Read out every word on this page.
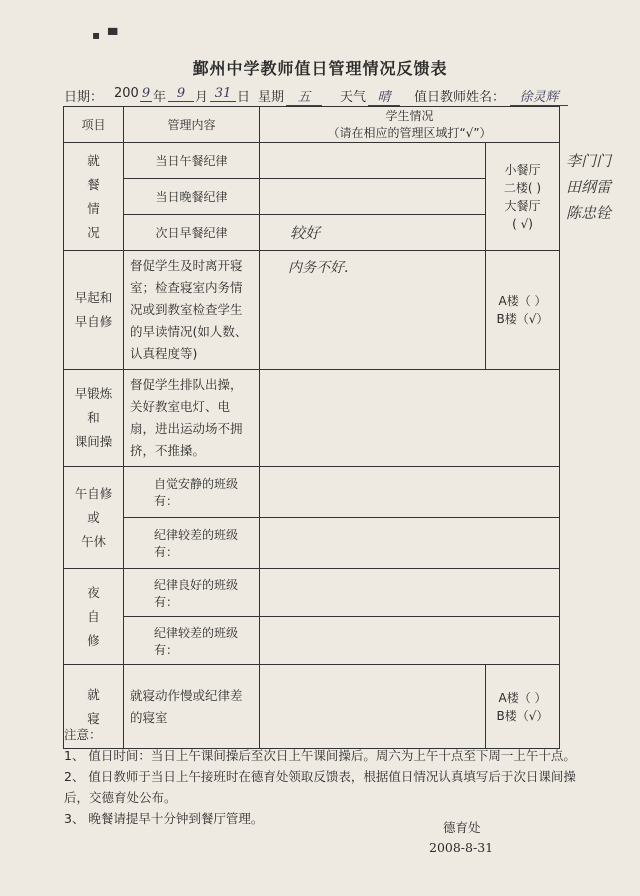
▪ ▀
鄞州中学教师值日管理情况反馈表
日期： 200 9 年 9 月 31 日 星期	五	天气 晴	值日教师姓名：	徐灵辉
项目	管理内容	学生情况
（请在相应的管理区域打“√”）	

就
餐
情
况	当日午餐纪律		小餐厅
二楼( )
大餐厅
( √)
	当日晚餐纪律		
	次日早餐纪律	较好	
早起和
早自修	督促学生及时离开寝室；检查寝室内务情况或到教室检查学生的早读情况(如人数、认真程度等)	内务不好.	A楼（ ）
B楼（√）
早锻炼
和
课间操	督促学生排队出操，关好教室电灯、电扇，进出运动场不拥挤，不推搡。		
午自修
或
午休	自觉安静的班级有：		
	纪律较差的班级有：		
夜
自
修	纪律良好的班级有：		
	纪律较差的班级有：		
就
寝	就寝动作慢或纪律差的寝室		A楼（ ）
B楼（√）
李门门
田纲雷
陈忠铨

注意：

1、 值日时间：当日上午课间操后至次日上午课间操后。周六为上午十点至下周一上午十点。

2、 值日教师于当日上午接班时在德育处领取反馈表，根据值日情况认真填写后于次日课间操后，交德育处公布。

3、 晚餐请提早十分钟到餐厅管理。

德育处
2008-8-31
